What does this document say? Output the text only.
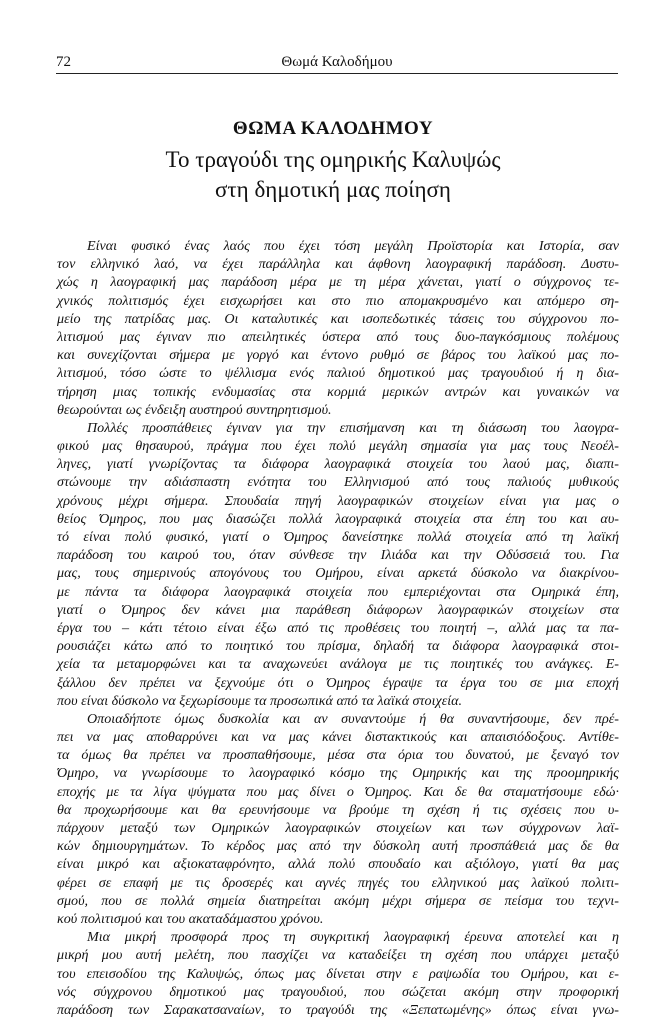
72	Θωμά Καλοδήμου
ΘΩΜΑ ΚΑΛΟΔΗΜΟΥ
Το τραγούδι της ομηρικής Καλυψώς
στη δημοτική μας ποίηση
Είναι φυσικό ένας λαός που έχει τόση μεγάλη Προϊστορία και Ιστορία, σαν
τον ελληνικό λαό, να έχει παράλληλα και άφθονη λαογραφική παράδοση. Δυστυ-
χώς η λαογραφική μας παράδοση μέρα με τη μέρα χάνεται, γιατί ο σύγχρονος τε-
χνικός πολιτισμός έχει εισχωρήσει και στο πιο απομακρυσμένο και απόμερο ση-
μείο της πατρίδας μας. Οι καταλυτικές και ισοπεδωτικές τάσεις του σύγχρονου πο-
λιτισμού μας έγιναν πιο απειλητικές ύστερα από τους δυο-παγκόσμιους πολέμους
και συνεχίζονται σήμερα με γοργό και έντονο ρυθμό σε βάρος του λαϊκού μας πο-
λιτισμού, τόσο ώστε το ψέλλισμα ενός παλιού δημοτικού μας τραγουδιού ή η δια-
τήρηση μιας τοπικής ενδυμασίας στα κορμιά μερικών αντρών και γυναικών να
θεωρούνται ως ένδειξη αυστηρού συντηρητισμού.
Πολλές προσπάθειες έγιναν για την επισήμανση και τη διάσωση του λαογρα-
φικού μας θησαυρού, πράγμα που έχει πολύ μεγάλη σημασία για μας τους Νεοέλ-
ληνες, γιατί γνωρίζοντας τα διάφορα λαογραφικά στοιχεία του λαού μας, διαπι-
στώνουμε την αδιάσπαστη ενότητα του Ελληνισμού από τους παλιούς μυθικούς
χρόνους μέχρι σήμερα. Σπουδαία πηγή λαογραφικών στοιχείων είναι για μας ο
θείος Όμηρος, που μας διασώζει πολλά λαογραφικά στοιχεία στα έπη του και αυ-
τό είναι πολύ φυσικό, γιατί ο Όμηρος δανείστηκε πολλά στοιχεία από τη λαϊκή
παράδοση του καιρού του, όταν σύνθεσε την Ιλιάδα και την Οδύσσειά του. Για
μας, τους σημερινούς απογόνους του Ομήρου, είναι αρκετά δύσκολο να διακρίνου-
με πάντα τα διάφορα λαογραφικά στοιχεία που εμπεριέχονται στα Ομηρικά έπη,
γιατί ο Όμηρος δεν κάνει μια παράθεση διάφορων λαογραφικών στοιχείων στα
έργα του – κάτι τέτοιο είναι έξω από τις προθέσεις του ποιητή –, αλλά μας τα πα-
ρουσιάζει κάτω από το ποιητικό του πρίσμα, δηλαδή τα διάφορα λαογραφικά στοι-
χεία τα μεταμορφώνει και τα αναχωνεύει ανάλογα με τις ποιητικές του ανάγκες. Ε-
ξάλλου δεν πρέπει να ξεχνούμε ότι ο Όμηρος έγραψε τα έργα του σε μια εποχή
που είναι δύσκολο να ξεχωρίσουμε τα προσωπικά από τα λαϊκά στοιχεία.
Οποιαδήποτε όμως δυσκολία και αν συναντούμε ή θα συναντήσουμε, δεν πρέ-
πει να μας αποθαρρύνει και να μας κάνει διστακτικούς και απαισιόδοξους. Αντίθε-
τα όμως θα πρέπει να προσπαθήσουμε, μέσα στα όρια του δυνατού, με ξεναγό τον
Όμηρο, να γνωρίσουμε το λαογραφικό κόσμο της Ομηρικής και της προομηρικής
εποχής με τα λίγα ψύγματα που μας δίνει ο Όμηρος. Και δε θα σταματήσουμε εδώ·
θα προχωρήσουμε και θα ερευνήσουμε να βρούμε τη σχέση ή τις σχέσεις που υ-
πάρχουν μεταξύ των Ομηρικών λαογραφικών στοιχείων και των σύγχρονων λαϊ-
κών δημιουργημάτων. Το κέρδος μας από την δύσκολη αυτή προσπάθειά μας δε θα
είναι μικρό και αξιοκαταφρόνητο, αλλά πολύ σπουδαίο και αξιόλογο, γιατί θα μας
φέρει σε επαφή με τις δροσερές και αγνές πηγές του ελληνικού μας λαϊκού πολιτι-
σμού, που σε πολλά σημεία διατηρείται ακόμη μέχρι σήμερα σε πείσμα του τεχνι-
κού πολιτισμού και του ακαταδάμαστου χρόνου.
Μια μικρή προσφορά προς τη συγκριτική λαογραφική έρευνα αποτελεί και η
μικρή μου αυτή μελέτη, που πασχίζει να καταδείξει τη σχέση που υπάρχει μεταξύ
του επεισοδίου της Καλυψώς, όπως μας δίνεται στην ε ραψωδία του Ομήρου, και ε-
νός σύγχρονου δημοτικού μας τραγουδιού, που σώζεται ακόμη στην προφορική
παράδοση των Σαρακατσαναίων, το τραγούδι της «Ξεπατωμένης» όπως είναι γνω-
